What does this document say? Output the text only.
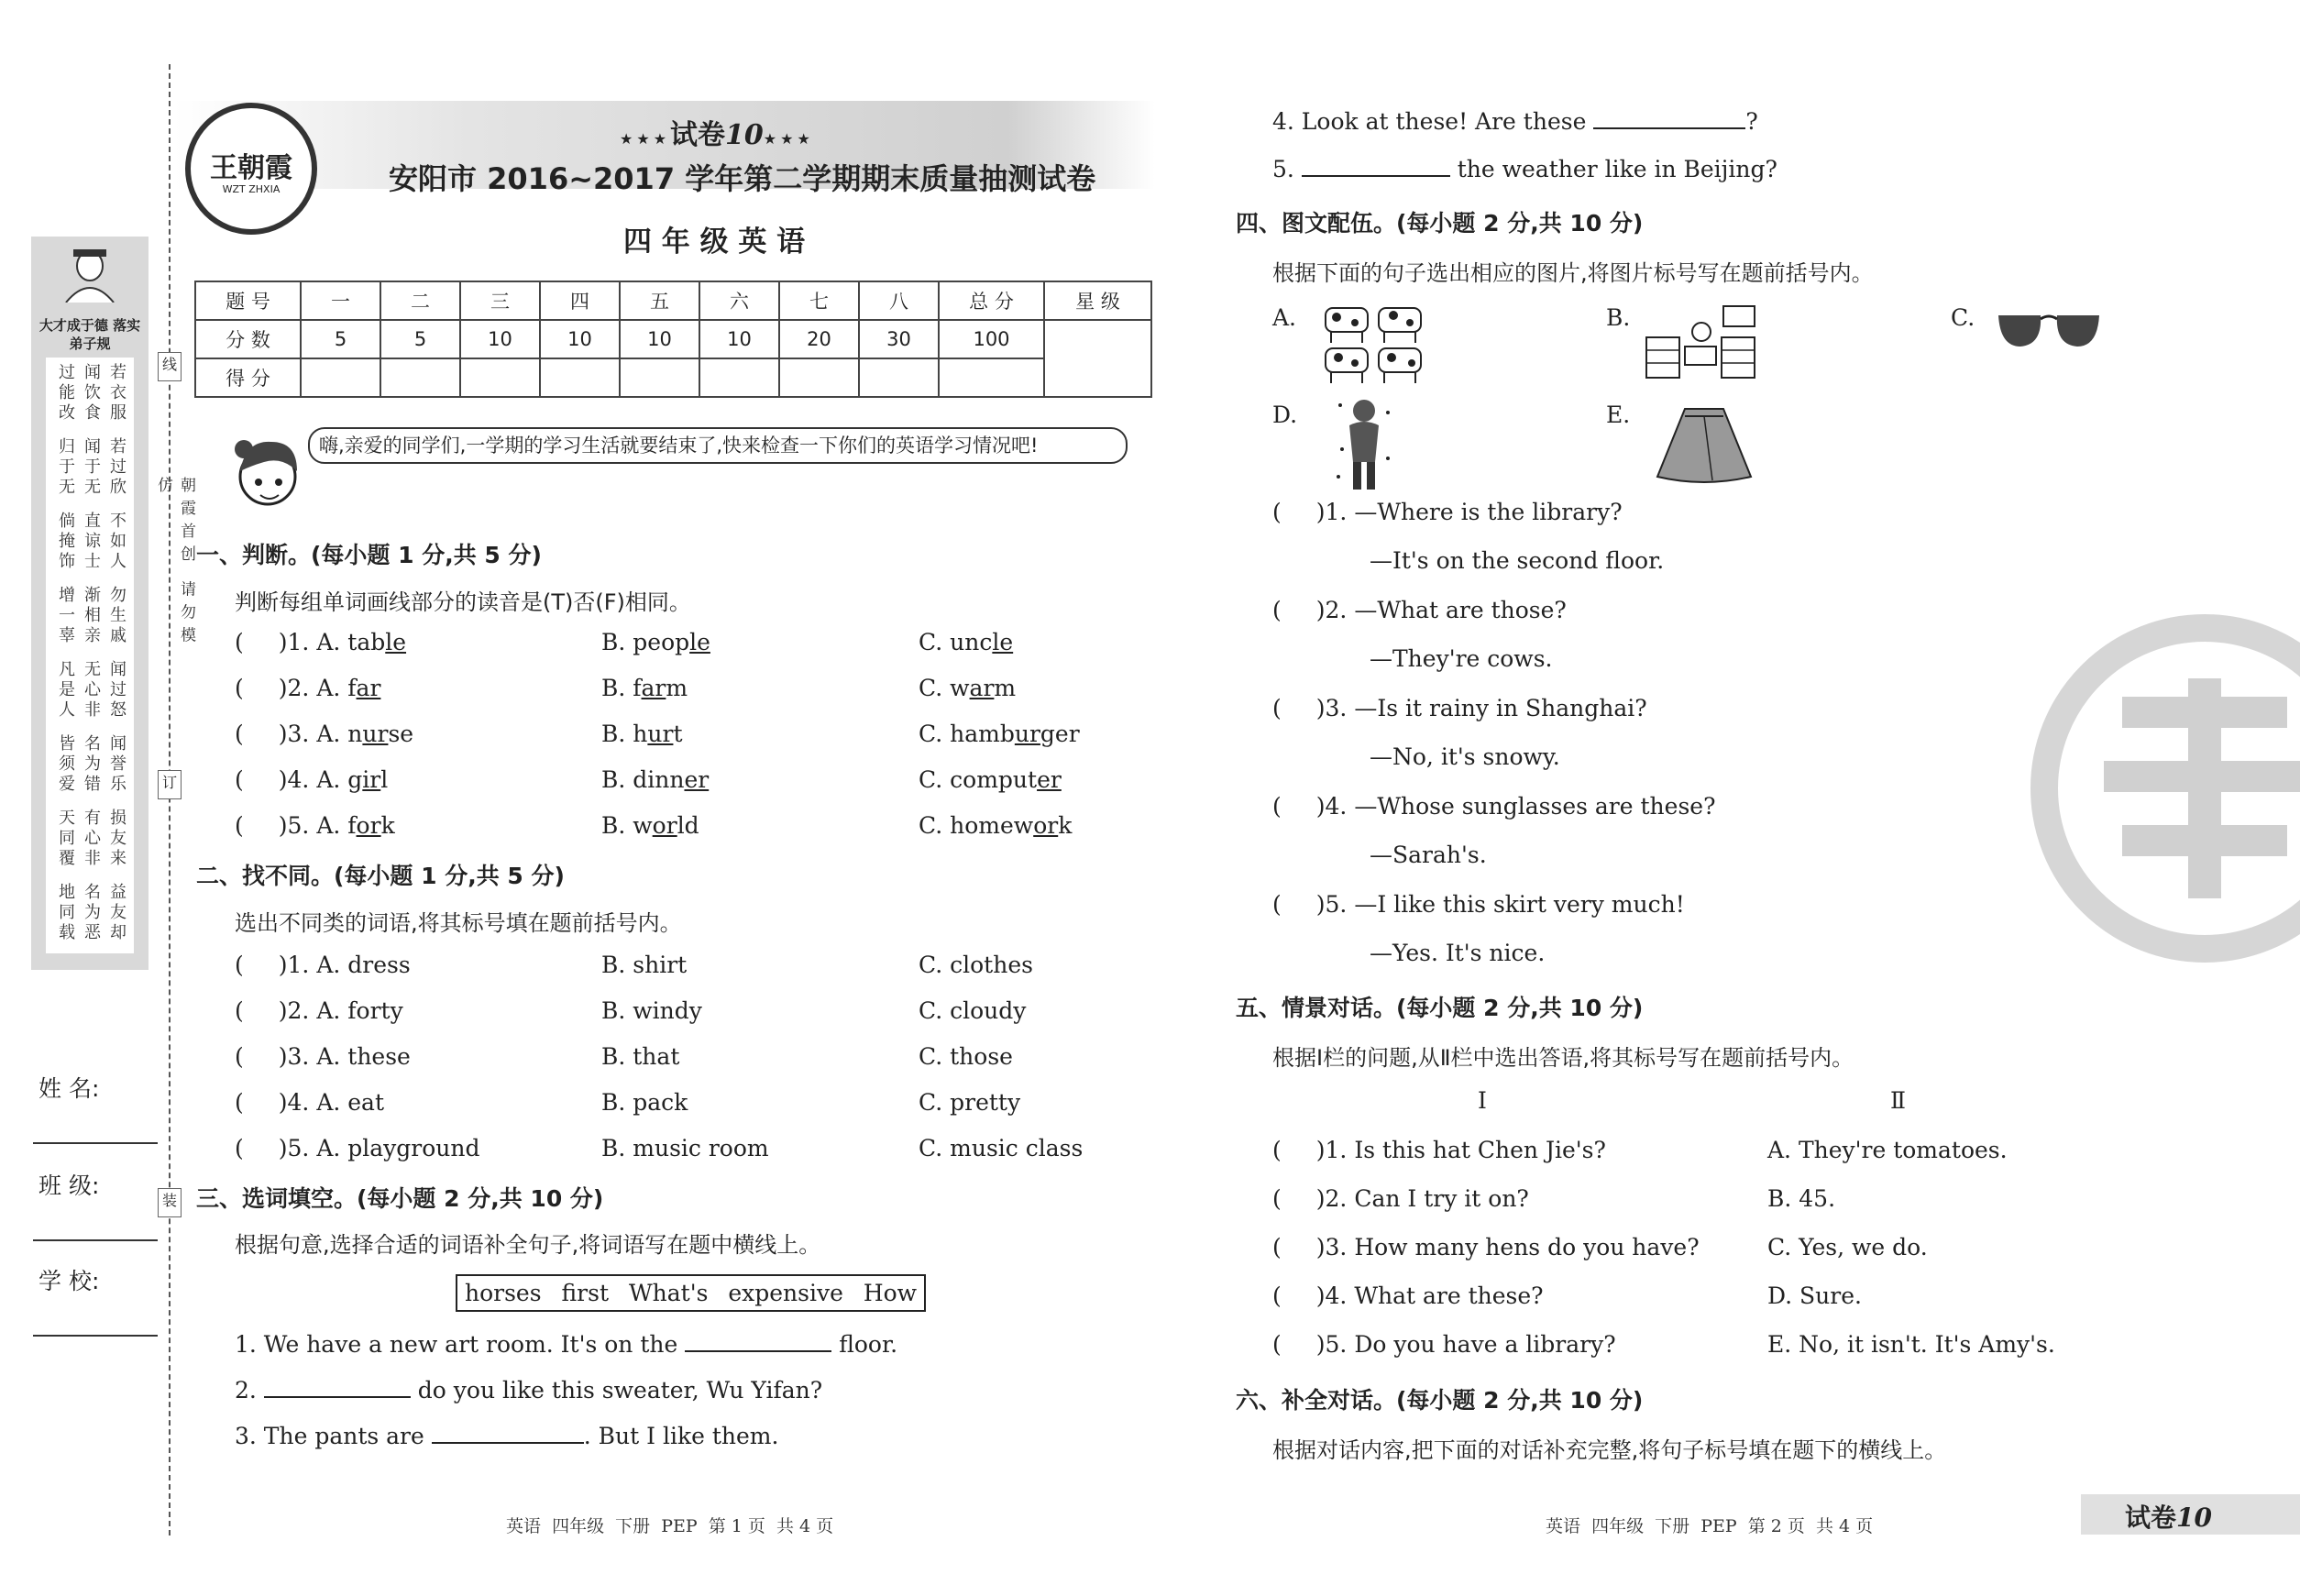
大才成于德 落实弟子规
若衣服
闻饮食
过能改
若过欣
闻于无
归于无
不如人
直谅士
倘掩饰
勿生戚
渐相亲
增一辜
闻过怒
无心非
凡是人
闻誉乐
名为错
皆须爱
损友来
有心非
天同覆
益友却
名为恶
地同载
姓 名:
班 级:
学 校:
线
订
装
朝霞首创 请勿模仿
王朝霞
WZT ZHXIA
★★★试卷10★★★
安阳市 2016~2017 学年第二学期期末质量抽测试卷
四 年 级 英 语
题 号	一	二	三	四	五	六	七	八	总 分	星 级
分 数	5	5	10	10	10	10	20	30	100	
得 分										
嗨,亲爱的同学们,一学期的学习生活就要结束了,快来检查一下你们的英语学习情况吧!
一、判断。(每小题 1 分,共 5 分)
判断每组单词画线部分的读音是(T)否(F)相同。
( )1. A. table	B. people	C. uncle
( )2. A. far	B. farm	C. warm
( )3. A. nurse	B. hurt	C. hamburger
( )4. A. girl	B. dinner	C. computer
( )5. A. fork	B. world	C. homework
二、找不同。(每小题 1 分,共 5 分)
选出不同类的词语,将其标号填在题前括号内。
( )1. A. dress	B. shirt	C. clothes
( )2. A. forty	B. windy	C. cloudy
( )3. A. these	B. that	C. those
( )4. A. eat	B. pack	C. pretty
( )5. A. playground	B. music room	C. music class
三、选词填空。(每小题 2 分,共 10 分)
根据句意,选择合适的词语补全句子,将词语写在题中横线上。
horses first What's expensive How
1. We have a new art room. It's on the	floor.
2.	do you like this sweater, Wu Yifan?
3. The pants are	. But I like them.
英语  四年级  下册  PEP  第 1 页  共 4 页
4. Look at these! Are these	?
5.	the weather like in Beijing?
四、图文配伍。(每小题 2 分,共 10 分)
根据下面的句子选出相应的图片,将图片标号写在题前括号内。
A.	B.	C.
D.	E.
( )1. —Where is the library?
—It's on the second floor.
( )2. —What are those?
—They're cows.
( )3. —Is it rainy in Shanghai?
—No, it's snowy.
( )4. —Whose sunglasses are these?
—Sarah's.
( )5. —I like this skirt very much!
—Yes. It's nice.
五、情景对话。(每小题 2 分,共 10 分)
根据Ⅰ栏的问题,从Ⅱ栏中选出答语,将其标号写在题前括号内。
Ⅰ	Ⅱ
( )1. Is this hat Chen Jie's?	A. They're tomatoes.
( )2. Can I try it on?	B. 45.
( )3. How many hens do you have?	C. Yes, we do.
( )4. What are these?	D. Sure.
( )5. Do you have a library?	E. No, it isn't. It's Amy's.
六、补全对话。(每小题 2 分,共 10 分)
根据对话内容,把下面的对话补充完整,将句子标号填在题下的横线上。
英语  四年级  下册  PEP  第 2 页  共 4 页	试卷10
